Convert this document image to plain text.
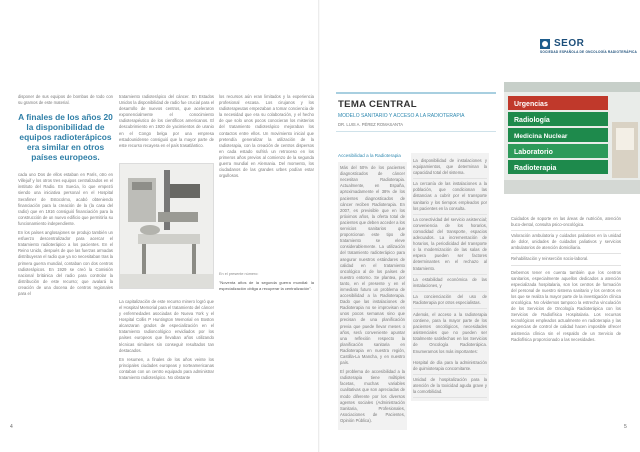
disponer de sus equipos de bombas de todo con su gramos de este material.

A finales de los años 20 la disponibilidad de equipos radioterápicos era similar en otros países europeos.

cada uno Dos de ellos estaban en París, otro en Villejuif y los otros tres equipos centralizados en el instituto del Radio. En Suecia, lo que empezó siendo una iniciativa personal en el Hospital Serafimer de Estocolmo, acabó obteniendo financiación para la creación de la (la casa del radio) que en 1916 consiguió financiación para la construcción de un nuevo edificio que permitiría su funcionamiento independiente.

En los países anglosajones se produjo también un esfuerzo descentralizador para acercar el tratamiento radioterápico a los pacientes. En el Reino Unido, después de que las fuerzas armadas distribuyeran el radio que ya no necesitaban tras la primera guerra mundial, contaban con dos centros radioterápicos. En 1929 se creó la Comisión nacional británica del radio para controlar la distribución de este recurso; que avalará la creación de una docena de centros regionales para el

tratamiento radioterápico del cáncer. En Estados Unidos la disponibilidad de radio fue crucial para el desarrollo de nuevos centros, que aceleraron exponencialmente el conocimiento radioterapéutico de los científicos americanos. El descubrimiento en 1920 de yacimientos de uranio en el Congo belga por una empresa estadounidense consiguió que la mayor parte de este recurso recayera en el país trasatlántico.

La capitalización de este recurso minero logró que el Hospital Memorial para el tratamiento del cáncer y enfermedades asociadas de Nueva York y el Hospital Collis P Huntington Memorial en Boston alcanzaran grados de especialización en el tratamiento radioncológico envidiados por los países europeos que llevaban años utilizando técnicas similares sin conseguir resultados tan destacados.

En resumen, a finales de los años veinte los principales ciudades europeas y norteamericanas contaban con un centro equipado para administrar tratamiento radioterápico. No obstante

los recursos aún eran limitados y la experiencia profesional escasa. Los cirujanos y los radioterapeutas empezaban a tomar conciencia de la necesidad que era su colaboración, y el hecho de que solo unos pocos conocieran los misterios del tratamiento radioterápico mejoraban los contactos entre ellos. Un movimiento inicial que pretendía generalizar la utilización de la radioterapia, con la creación de centros dispersos en cada estado sufrirá un retroceso en los primeros años previos al comienzo de la segunda guerra mundial en Alemania. Del momento, los ciudadanos de las grandes urbes podían estar orgullosos.

En el presente número:
"Noventa años de la segunda guerra mundial: la especialización obliga a recuperar la centralización".
4
SEOR
SOCIEDAD ESPAÑOLA DE ONCOLOGÍA RADIOTERÁPICA
TEMA CENTRAL
MODELO SANITARIO Y ACCESO A LA RADIOTERAPIA
DR. LUIS A. PÉREZ ROMASANTA
Urgencias
Radiología
Medicina Nuclear
Laboratorio
Radioterapia
Accesibilidad a la Radioterapia

Más del 50% de los pacientes diagnosticados de cáncer necesitan Radioterapia. Actualmente, en España, aproximadamente el 38% de los pacientes diagnosticados de cáncer reciben Radioterapia. En 2007, es previsible que en los próximos años, la oferta total de pacientes que deben acceder a los servicios sanitarios que proporcionan este tipo de tratamiento se eleve considerablemente. La utilización del tratamiento radioterápico para asegurar nuestros estándares de calidad en el tratamiento oncológico al de los países de nuestro entorno. Se plantea, por tanto, en el presente y en el inmediato futuro un problema de accesibilidad a la Radioterapia. Dado que las instalaciones de Radioterapia no se improvisan en unos pocos semanas sino que precisan de una planificación previa que puede llevar meses o años, será conveniente apuntar una reflexión respecto la planificación sanitaria en Radioterapia en nuestra región, Castilla-La Mancha, y en nuestro país.

El problema de accesibilidad a la radioterapia tiene múltiples facetas, muchas variables cualitativas que son apreciadas de modo diferente por los diversos agentes sociales (Administración Sanitaria, Profesionales, Asociaciones de Pacientes, Opinión Pública).

La disponibilidad de instalaciones y equipamientos, que determinan la capacidad total del sistema.
La cercanía de las instalaciones a la población, que condicionan las distancias a cubrir por el transporte sanitario y los tiempos empleados por los pacientes en la consulta.
La conectividad del servicio asistencial; conveniencia de los horarios, comodidad del transporte, espacios adecuados. La incrementación de horarios, la periodicidad del transporte o la modernización de las salas de espera pueden ser factores determinantes en el rechazo al tratamiento.
La estabilidad económica de las instalaciones, y
La concienciación del uso de Radioterapia por otros especialistas.

Además, el acceso a la radioterapia contiene, para la mayor parte de los pacientes oncológicos, necesidades asistenciales que no pueden ser totalmente satisfechas en los Servicios de Oncología Radioterápica. Enumeramos los más importantes:

Hospital de día para la administración de quimioterapia concomitante.
Unidad de hospitalización para la atención de la toxicidad aguda grave y la comorbilidad.
Cuidados de soporte en las áreas de nutrición, atención buco-dental, consulta psico-oncológica.
Valoración ambulatoria y cuidados paliativos en la unidad de dolor, unidades de cuidados paliativos y servicios ambulatorios de atención domiciliaria.
Rehabilitación y reinserción socio-laboral.

Debemos tener en cuenta también que los centros sanitarios, especialmente aquellos dedicados a atención especializada hospitalaria, son los centros de formación del personal de nuestro sistema sanitario y los centros en los que se realiza la mayor parte de la investigación clínica oncológica. No olvidemos tampoco la estrecha vinculación de los Servicios de Oncología Radioterápica con los Servicios de Radiofísica Hospitalaria. Los recursos tecnológicos empleados actualmente en radioterapia y las exigencias de control de calidad hacen imposible ofrecer asistencia clínica sin el respaldo de un Servicio de Radiofísica proporcionado a las necesidades.

5
